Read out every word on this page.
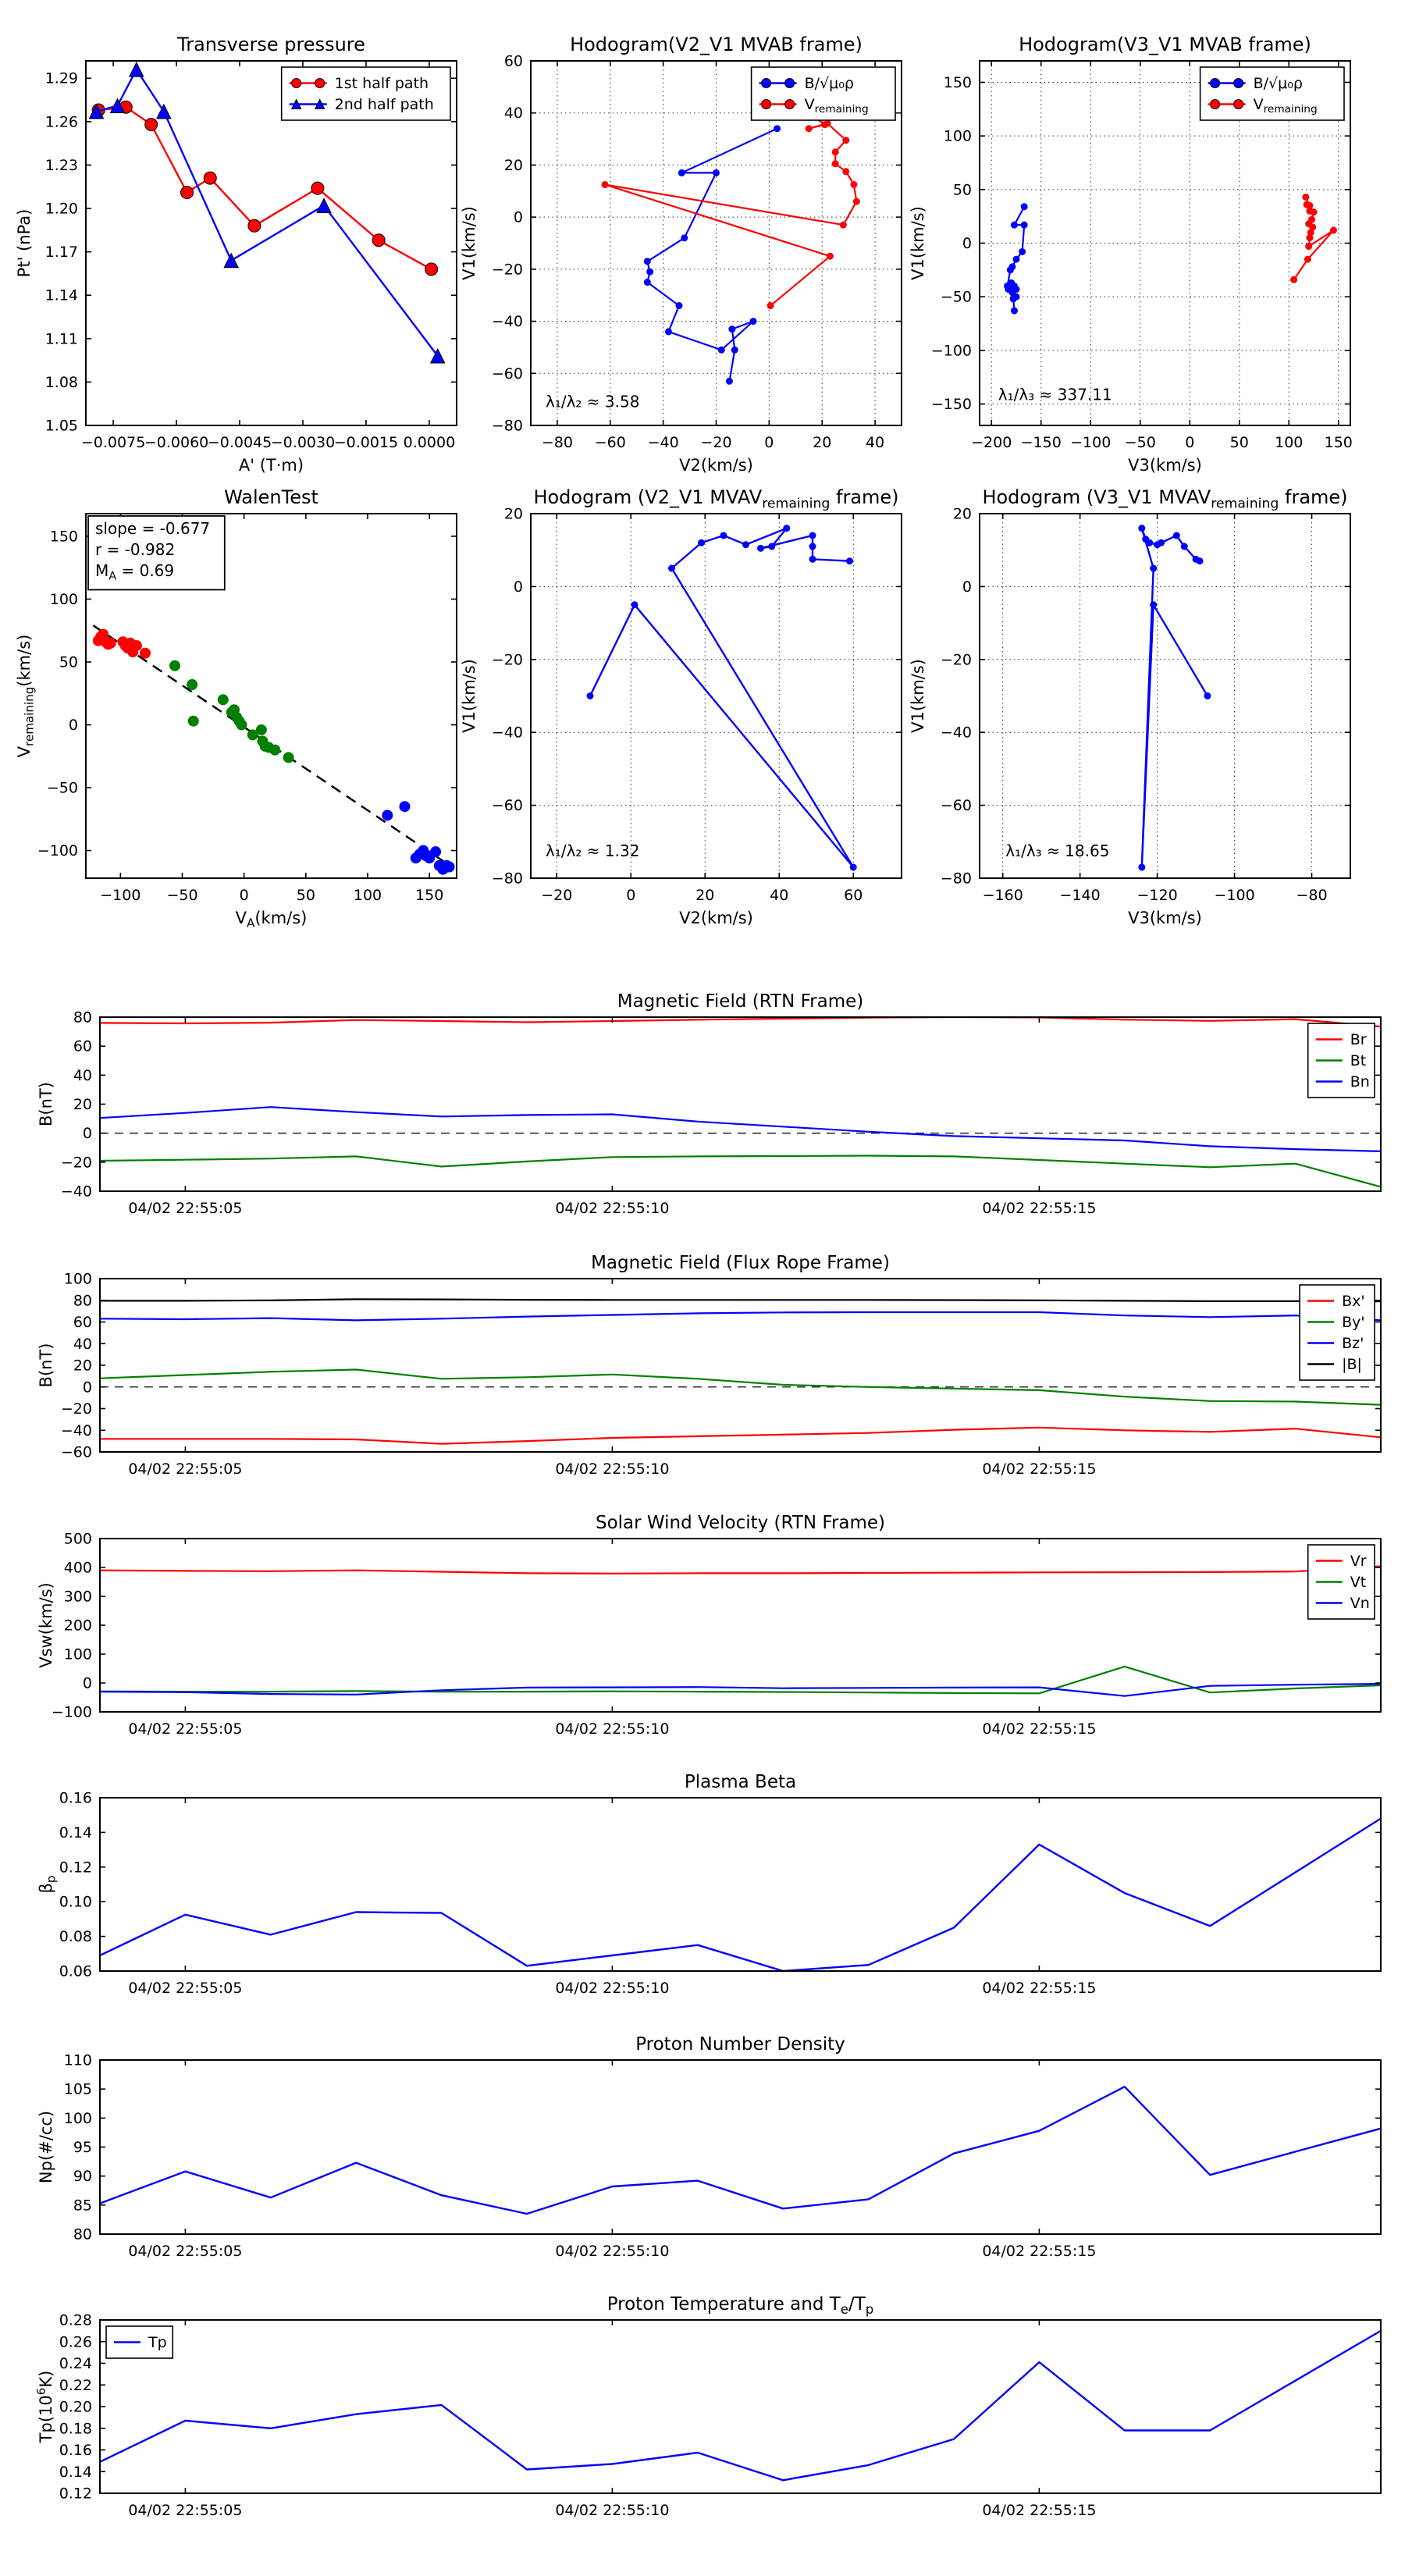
−0.0075
−0.0060
−0.0045
−0.0030
−0.0015 0.0000
1.05
1.08
1.11
1.14
1.17
1.20
1.23
1.26
1.29
Transverse pressure
A' (T·m)
Pt' (nPa)
1st half path
2nd half path
−80 −60 −40 −20 0	20 40
−80
−60
−40
−20
0
20
40
60
Hodogram(V2_V1 MVAB frame)
V2(km/s)
V1(km/s)
B/√μ₀ρ
$V_{remaining}$
λ₁/λ₂ ≈ 3.58
−200 −150 −100 −50 0 50 100 150
−150
−100
−50
0
50
100
150
Hodogram(V3_V1 MVAB frame)
V3(km/s)
V1(km/s)
B/√μ₀ρ
$V_{remaining}$
λ₁/λ₃ ≈ 337.11
−100 −50	0	50	100 150
−100
−50
0
50
100
150
WalenTest
$V_A(km/s)$
$V_{remaining}(km/s)$
slope = -0.677
r = -0.982
$M_A = 0.69$
−20	0	20	40	60
−80
−60
−40
−20
0
20
Hodogram (V2_V1 $MVAV_{remaining}$ frame)
V2(km/s)
V1(km/s)
λ₁/λ₂ ≈ 1.32
−160 −140 −120 −100	−80
−80
−60
−40
−20
0
20
Hodogram (V3_V1 $MVAV_{remaining}$ frame)
V3(km/s)
V1(km/s)
λ₁/λ₃ ≈ 18.65
04/02 22:55:05	04/02 22:55:10	04/02 22:55:15
−40
−20
0
20
40
60
80
Magnetic Field (RTN Frame)
B(nT)
Br
Bt
Bn
04/02 22:55:05	04/02 22:55:10	04/02 22:55:15
−60
−40
−20
0
20
40
60
80
100
Magnetic Field (Flux Rope Frame)
B(nT)
Bx'
By'
Bz'
|B|
04/02 22:55:05	04/02 22:55:10	04/02 22:55:15
−100
0
100
200
300
400
500
Solar Wind Velocity (RTN Frame)
Vsw(km/s)
Vr
Vt
Vn
04/02 22:55:05	04/02 22:55:10	04/02 22:55:15
0.06
0.08
0.10
0.12
0.14
0.16
Plasma Beta
$\beta_p$
04/02 22:55:05	04/02 22:55:10	04/02 22:55:15
80
85
90
95
100
105
110
Proton Number Density
Np(#/cc)
04/02 22:55:05	04/02 22:55:10	04/02 22:55:15
0.12
0.14
0.16
0.18
0.20
0.22
0.24
0.26
0.28
Proton Temperature and $T_e/T_p$
$Tp(10^6K)$
Tp
